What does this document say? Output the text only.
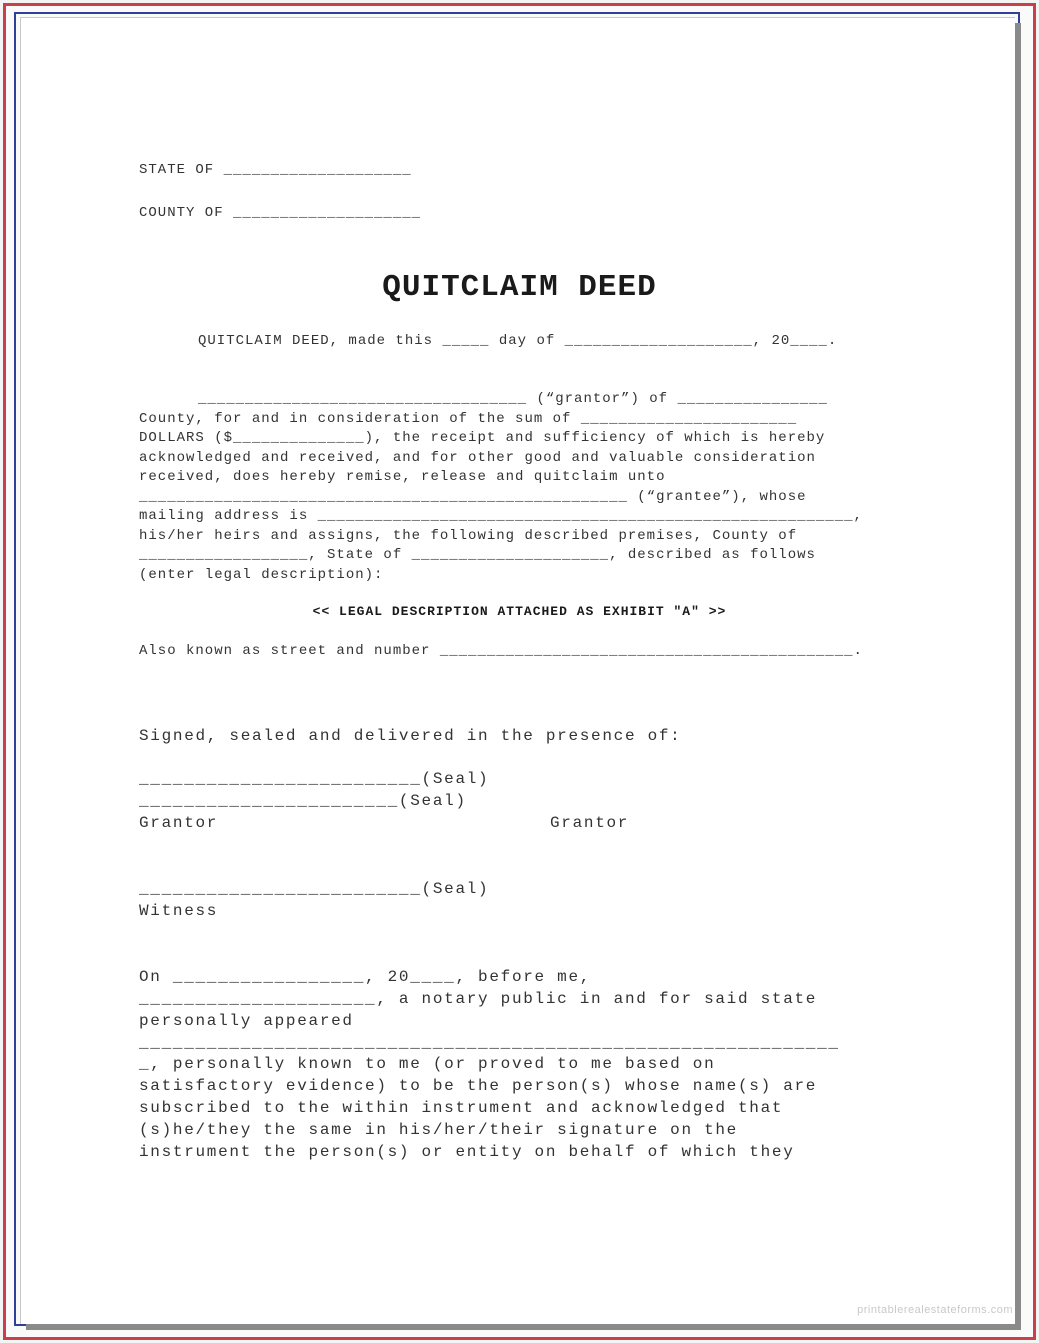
STATE OF ____________________

COUNTY OF ____________________

QUITCLAIM DEED

QUITCLAIM DEED, made this _____ day of ____________________, 20____.

___________________________________ (“grantor”) of ________________

County, for and in consideration of the sum of _______________________

DOLLARS ($______________), the receipt and sufficiency of which is hereby

acknowledged and received, and for other good and valuable consideration

received, does hereby remise, release and quitclaim unto

____________________________________________________ (“grantee”), whose

mailing address is _________________________________________________________,

his/her heirs and assigns, the following described premises, County of

__________________, State of _____________________, described as follows

(enter legal description):

<< LEGAL DESCRIPTION ATTACHED AS EXHIBIT "A" >>

Also known as street and number ____________________________________________.

Signed, sealed and delivered in the presence of:

_________________________(Seal)

_______________________(Seal)

Grantor	Grantor

_________________________(Seal)

Witness

On _________________, 20____, before me,

_____________________, a notary public in and for said state

personally appeared

______________________________________________________________

_, personally known to me (or proved to me based on

satisfactory evidence) to be the person(s) whose name(s) are

subscribed to the within instrument and acknowledged that

(s)he/they the same in his/her/their signature on the

instrument the person(s) or entity on behalf of which they

printablerealestateforms.com
